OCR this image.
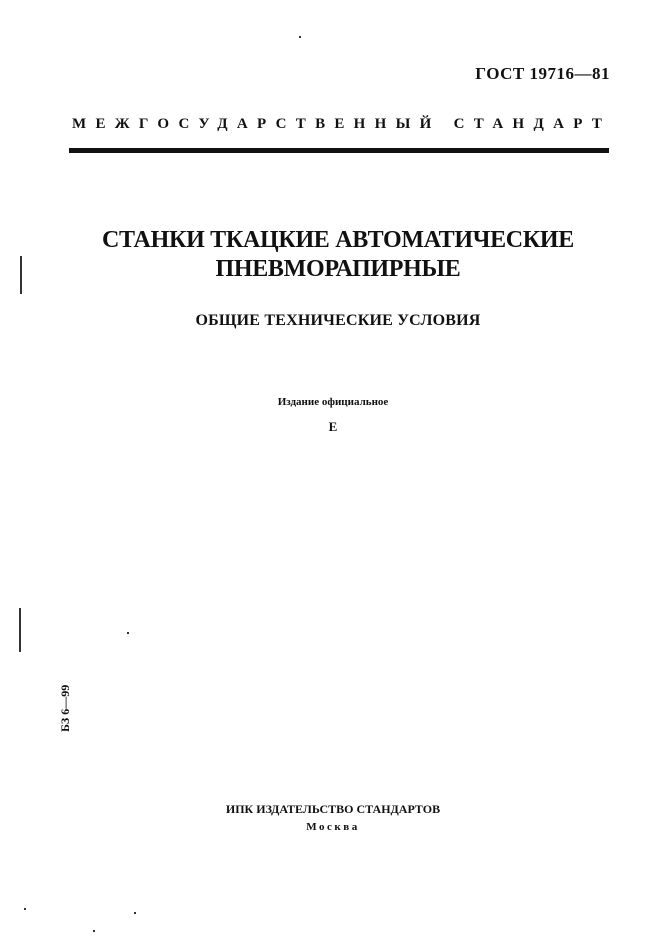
ГОСТ 19716—81
МЕЖГОСУДАРСТВЕННЫЙ СТАНДАРТ
СТАНКИ ТКАЦКИЕ АВТОМАТИЧЕСКИЕ
ПНЕВМОРАПИРНЫЕ
ОБЩИЕ ТЕХНИЧЕСКИЕ УСЛОВИЯ
Издание официальное
Е
БЗ 6—99
ИПК ИЗДАТЕЛЬСТВО СТАНДАРТОВ
Москва
